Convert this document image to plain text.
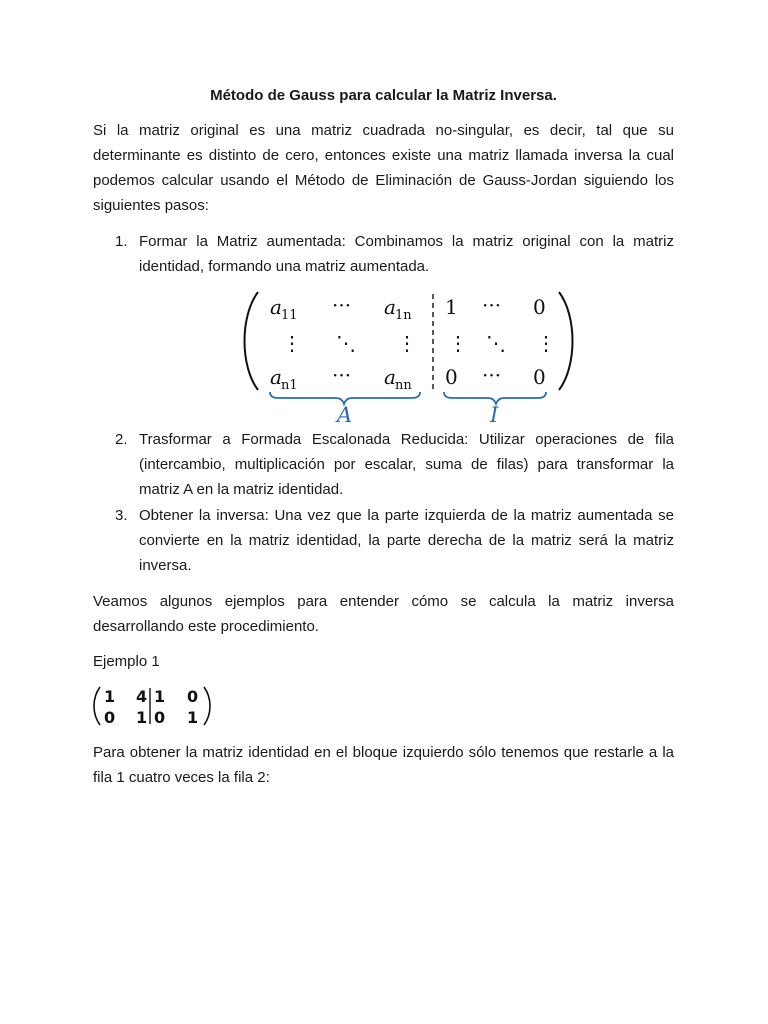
Método de Gauss para calcular la Matriz Inversa.
Si la matriz original es una matriz cuadrada no-singular, es decir, tal que su determinante es distinto de cero, entonces existe una matriz llamada inversa la cual podemos calcular usando el Método de Eliminación de Gauss-Jordan siguiendo los siguientes pasos:
1. Formar la Matriz aumentada: Combinamos la matriz original con la matriz identidad, formando una matriz aumentada.
2. Trasformar a Formada Escalonada Reducida: Utilizar operaciones de fila (intercambio, multiplicación por escalar, suma de filas) para transformar la matriz A en la matriz identidad.
3. Obtener la inversa: Una vez que la parte izquierda de la matriz aumentada se convierte en la matriz identidad, la parte derecha de la matriz será la matriz inversa.
Veamos algunos ejemplos para entender cómo se calcula la matriz inversa desarrollando este procedimiento.
Ejemplo 1
Para obtener la matriz identidad en el bloque izquierdo sólo tenemos que restarle a la fila 1 cuatro veces la fila 2:
a 11 ··· a 1n
⋮ ⋱ ⋮
a n1 ··· a nn
1 ··· 0
⋮ ⋱ ⋮
0 ··· 0
A	I
1 4 1 0
0 1 0 1
